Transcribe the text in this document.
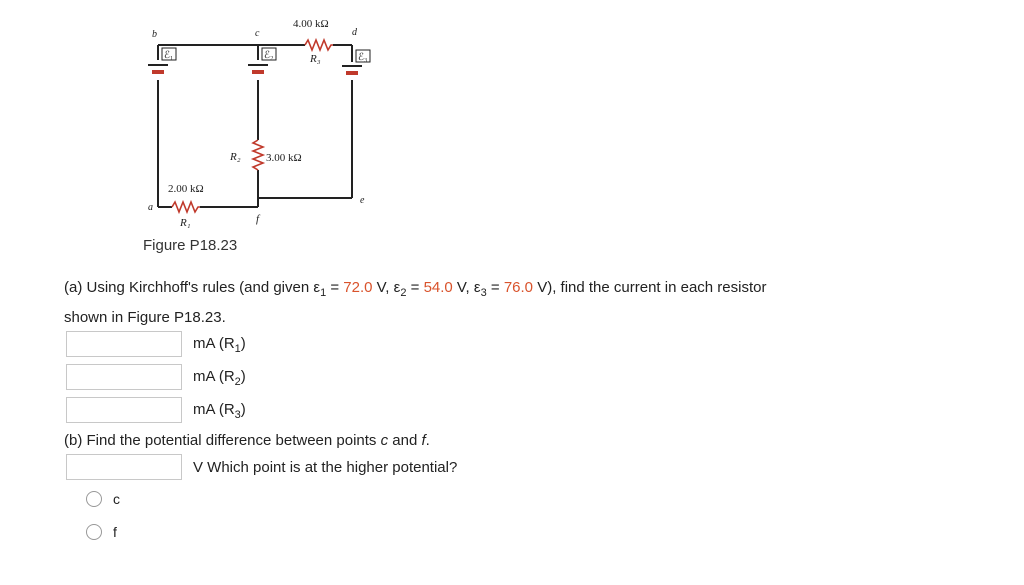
b	c	d
a
e
f
ℰ₁	ℰ₂	ℰ₃
4.00 kΩ
R₃
3.00 kΩ
R₂
2.00 kΩ
R₁
Figure P18.23
(a) Using Kirchhoff's rules (and given $\varepsilon_1 = 72.0$ V, $\varepsilon_2 = 54.0$ V, $\varepsilon_3 = 76.0$ V), find the current in each resistor
shown in Figure P18.23.
mA $(R_1)$
mA $(R_2)$
mA $(R_3)$
(b) Find the potential difference between points c and f.
V Which point is at the higher potential?
c
f
